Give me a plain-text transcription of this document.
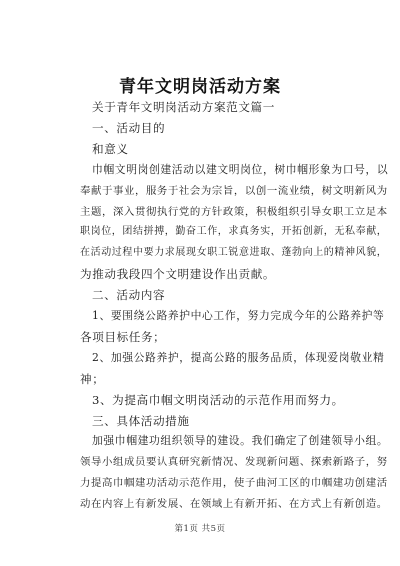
青年文明岗活动方案
关于青年文明岗活动方案范文篇一
一、活动目的
和意义
巾帼文明岗创建活动以建文明岗位，树巾帼形象为口号，以
奉献于事业，服务于社会为宗旨，以创一流业绩，树文明新风为
主题，深入贯彻执行党的方针政策，积极组织引导女职工立足本
职岗位，团结拼搏，勤奋工作，求真务实，开拓创新，无私奉献，
在活动过程中要力求展现女职工锐意进取、蓬勃向上的精神风貌，
为推动我段四个文明建设作出贡献。
二、活动内容
1、要围绕公路养护中心工作，努力完成今年的公路养护等
各项目标任务；
2、加强公路养护，提高公路的服务品质，体现爱岗敬业精
神；
3、为提高巾帼文明岗活动的示范作用而努力。
三、具体活动措施
加强巾帼建功组织领导的建设。我们确定了创建领导小组。
领导小组成员要认真研究新情况、发现新问题、探索新路子，努
力提高巾帼建功活动示范作用，使子曲河工区的巾帼建功创建活
动在内容上有新发展、在领域上有新开拓、在方式上有新创造。
第1页 共5页
